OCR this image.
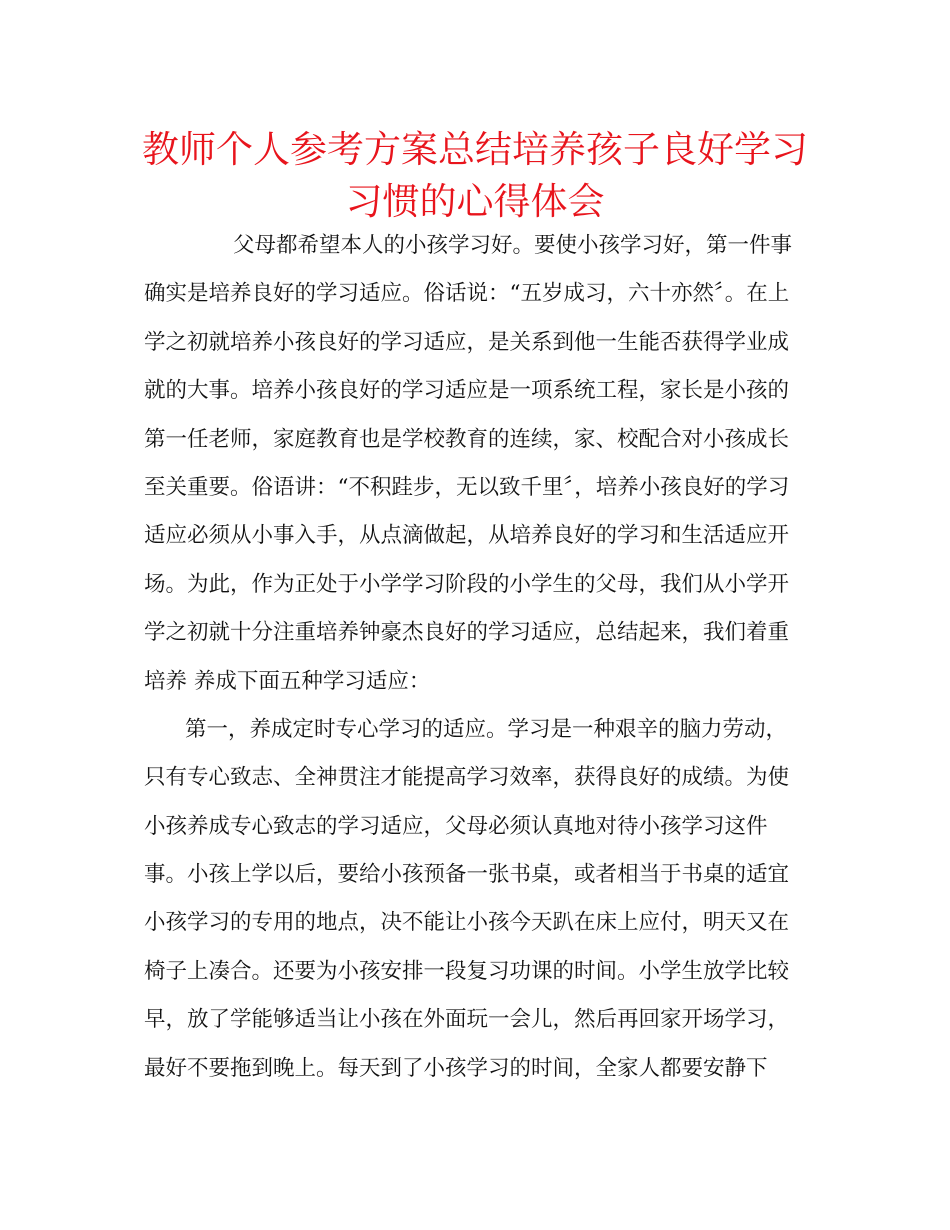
教师个人参考方案总结培养孩子良好学习
习惯的心得体会
父母都希望本人的小孩学习好。要使小孩学习好，第一件事
确实是培养良好的学习适应。俗话说：“五岁成习，六十亦然〞。在上
学之初就培养小孩良好的学习适应，是关系到他一生能否获得学业成
就的大事。培养小孩良好的学习适应是一项系统工程，家长是小孩的
第一任老师，家庭教育也是学校教育的连续，家、校配合对小孩成长
至关重要。俗语讲：“不积跬步，无以致千里〞，培养小孩良好的学习
适应必须从小事入手，从点滴做起，从培养良好的学习和生活适应开
场。为此，作为正处于小学学习阶段的小学生的父母，我们从小学开
学之初就十分注重培养钟豪杰良好的学习适应，总结起来，我们着重
培养 养成下面五种学习适应：
第一，养成定时专心学习的适应。学习是一种艰辛的脑力劳动，
只有专心致志、全神贯注才能提高学习效率，获得良好的成绩。为使
小孩养成专心致志的学习适应，父母必须认真地对待小孩学习这件
事。小孩上学以后，要给小孩预备一张书桌，或者相当于书桌的适宜
小孩学习的专用的地点，决不能让小孩今天趴在床上应付，明天又在
椅子上凑合。还要为小孩安排一段复习功课的时间。小学生放学比较
早，放了学能够适当让小孩在外面玩一会儿，然后再回家开场学习，
最好不要拖到晚上。每天到了小孩学习的时间，全家人都要安静下
